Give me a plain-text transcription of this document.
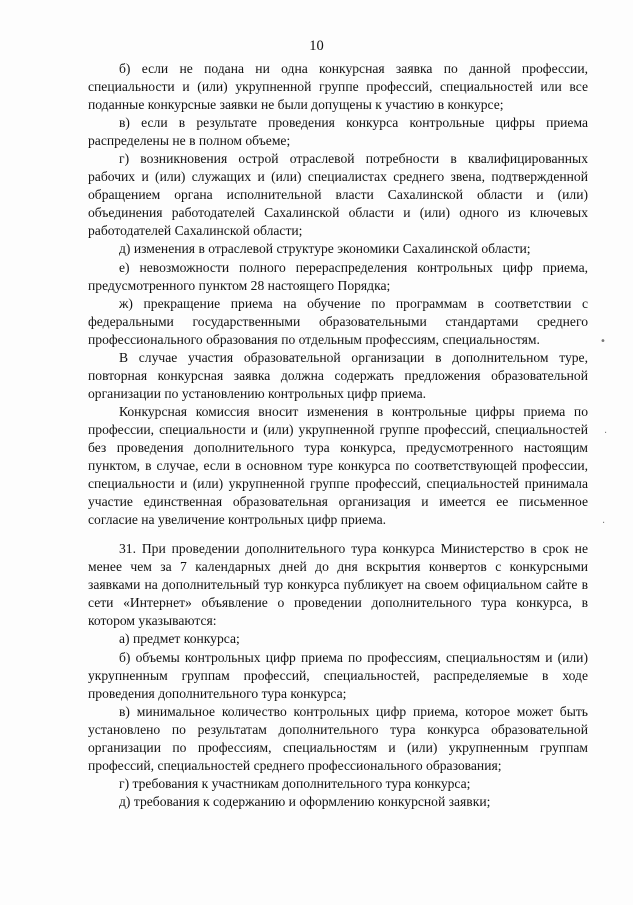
10

б) если не подана ни одна конкурсная заявка по данной профессии, специальности и (или) укрупненной группе профессий, специальностей или все поданные конкурсные заявки не были допущены к участию в конкурсе;

в) если в результате проведения конкурса контрольные цифры приема распределены не в полном объеме;

г) возникновения острой отраслевой потребности в квалифицированных рабочих и (или) служащих и (или) специалистах среднего звена, подтвержденной обращением органа исполнительной власти Сахалинской области и (или) объединения работодателей Сахалинской области и (или) одного из ключевых работодателей Сахалинской области;

д) изменения в отраслевой структуре экономики Сахалинской области;

е) невозможности полного перераспределения контрольных цифр приема, предусмотренного пунктом 28 настоящего Порядка;

ж) прекращение приема на обучение по программам в соответствии с федеральными государственными образовательными стандартами среднего профессионального образования по отдельным профессиям, специальностям.

В случае участия образовательной организации в дополнительном туре, повторная конкурсная заявка должна содержать предложения образовательной организации по установлению контрольных цифр приема.

Конкурсная комиссия вносит изменения в контрольные цифры приема по профессии, специальности и (или) укрупненной группе профессий, специальностей без проведения дополнительного тура конкурса, предусмотренного настоящим пунктом, в случае, если в основном туре конкурса по соответствующей профессии, специальности и (или) укрупненной группе профессий, специальностей принимала участие единственная образовательная организация и имеется ее письменное согласие на увеличение контрольных цифр приема.

31. При проведении дополнительного тура конкурса Министерство в срок не менее чем за 7 календарных дней до дня вскрытия конвертов с конкурсными заявками на дополнительный тур конкурса публикует на своем официальном сайте в сети «Интернет» объявление о проведении дополнительного тура конкурса, в котором указываются:

а) предмет конкурса;

б) объемы контрольных цифр приема по профессиям, специальностям и (или) укрупненным группам профессий, специальностей, распределяемые в ходе проведения дополнительного тура конкурса;

в) минимальное количество контрольных цифр приема, которое может быть установлено по результатам дополнительного тура конкурса образовательной организации по профессиям, специальностям и (или) укрупненным группам профессий, специальностей среднего профессионального образования;

г) требования к участникам дополнительного тура конкурса;

д) требования к содержанию и оформлению конкурсной заявки;

•
·
·
